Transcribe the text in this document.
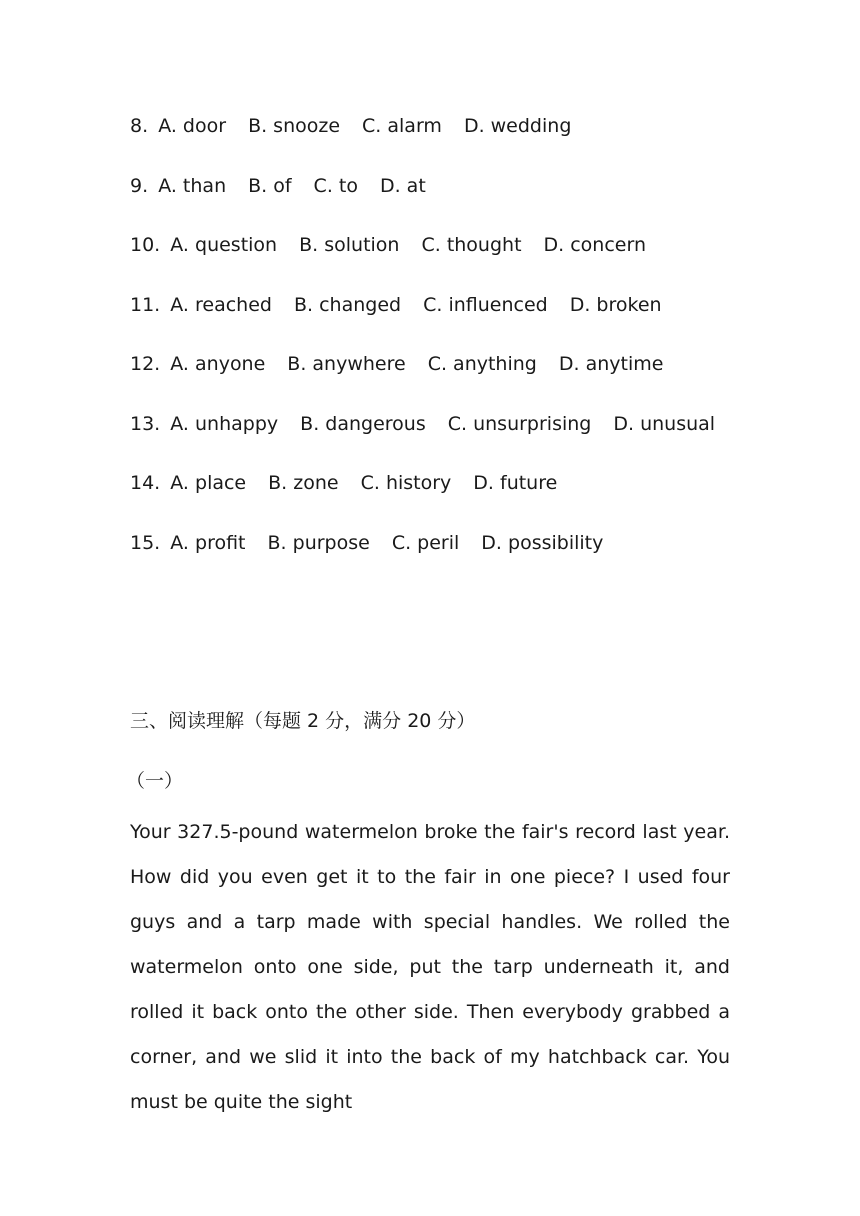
8. A. door B. snooze C. alarm D. wedding
9. A. than B. of C. to D. at
10. A. question B. solution C. thought D. concern
11. A. reached B. changed C. influenced D. broken
12. A. anyone B. anywhere C. anything D. anytime
13. A. unhappy B. dangerous C. unsurprising D. unusual
14. A. place B. zone C. history D. future
15. A. profit B. purpose C. peril D. possibility
三、阅读理解（每题 2 分，满分 20 分）
（一）

Your 327.5-pound watermelon broke the fair's record last year. How did you even get it to the fair in one piece? I used four guys and a tarp made with special handles. We rolled the watermelon onto one side, put the tarp underneath it, and rolled it back onto the other side. Then everybody grabbed a corner, and we slid it into the back of my hatchback car. You must be quite the sight
